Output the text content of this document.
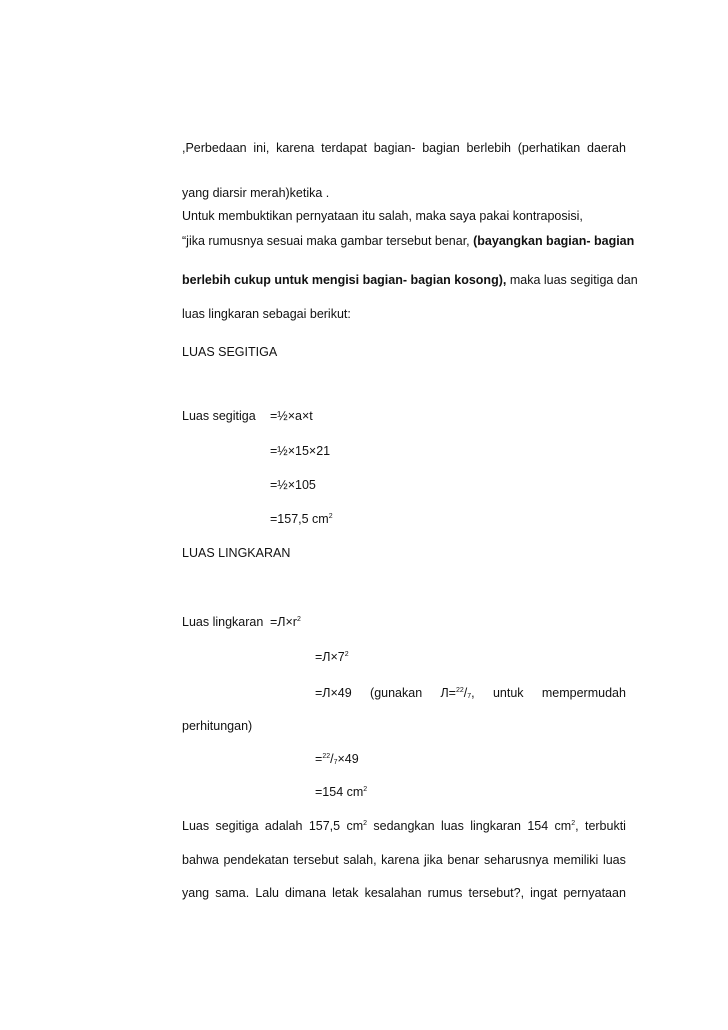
,Perbedaan ini, karena terdapat bagian- bagian berlebih (perhatikan daerah
yang diarsir merah)ketika .
Untuk membuktikan pernyataan itu salah, maka saya pakai kontraposisi,
“jika rumusnya sesuai maka gambar tersebut benar, (bayangkan bagian- bagian
berlebih cukup untuk mengisi bagian- bagian kosong), maka luas segitiga dan
luas lingkaran sebagai berikut:
LUAS SEGITIGA
Luas segitiga =½×a×t
=½×15×21
=½×105
=157,5 $cm^2$
LUAS LINGKARAN
Luas lingkaran $=Л\times r^2$
$=Л\times 7^2$
=Л×49 (gunakan $Л=^{22}/_7$, untuk mempermudah
perhitungan)
$=^{22}/_7\times 49$
=154 $cm^2$
Luas segitiga adalah 157,5 $cm^2$ sedangkan luas lingkaran 154 $cm^2$, terbukti
bahwa pendekatan tersebut salah, karena jika benar seharusnya memiliki luas
yang sama. Lalu dimana letak kesalahan rumus tersebut?, ingat pernyataan
